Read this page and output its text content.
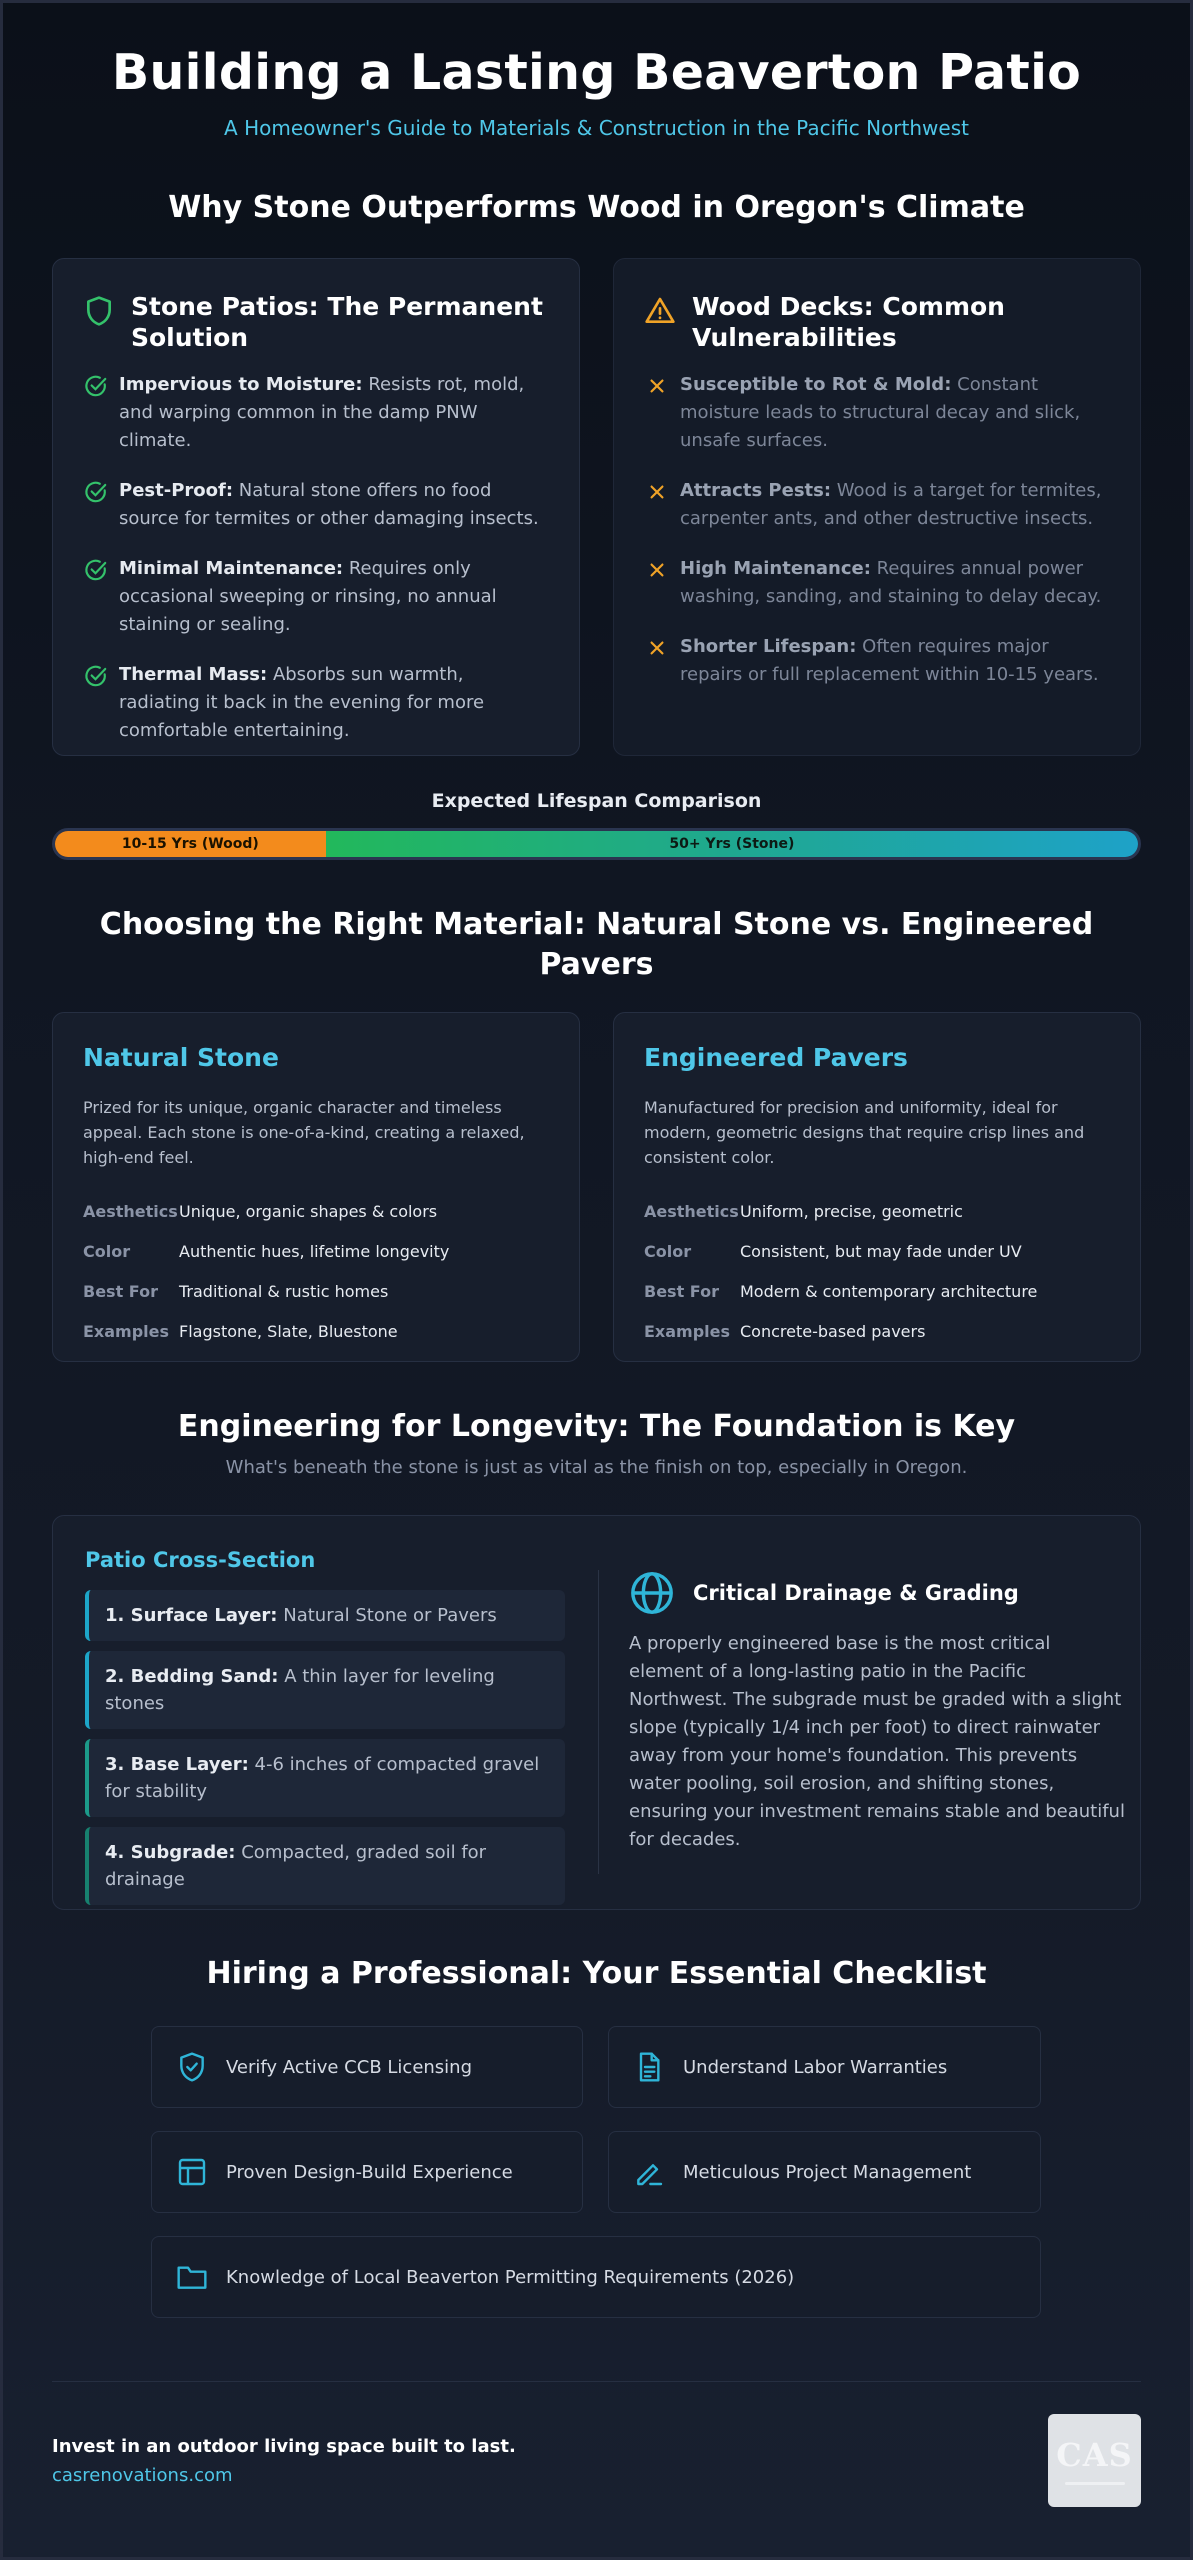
Building a Lasting Beaverton Patio
A Homeowner's Guide to Materials & Construction in the Pacific Northwest
Why Stone Outperforms Wood in Oregon's Climate
Stone Patios: The Permanent Solution

Impervious to Moisture: Resists rot, mold, and warping common in the damp PNW climate.

Pest-Proof: Natural stone offers no food source for termites or other damaging insects.

Minimal Maintenance: Requires only occasional sweeping or rinsing, no annual staining or sealing.

Thermal Mass: Absorbs sun warmth, radiating it back in the evening for more comfortable entertaining.

Wood Decks: Common Vulnerabilities

Susceptible to Rot & Mold: Constant moisture leads to structural decay and slick, unsafe surfaces.

Attracts Pests: Wood is a target for termites, carpenter ants, and other destructive insects.

High Maintenance: Requires annual power washing, sanding, and staining to delay decay.

Shorter Lifespan: Often requires major repairs or full replacement within 10-15 years.

Expected Lifespan Comparison
10-15 Yrs (Wood)	50+ Yrs (Stone)
Choosing the Right Material: Natural Stone vs. Engineered Pavers
Natural Stone

Prized for its unique, organic character and timeless appeal. Each stone is one-of-a-kind, creating a relaxed, high-end feel.

Aesthetics	Unique, organic shapes & colors
Color	Authentic hues, lifetime longevity
Best For	Traditional & rustic homes
Examples	Flagstone, Slate, Bluestone
Engineered Pavers

Manufactured for precision and uniformity, ideal for modern, geometric designs that require crisp lines and consistent color.

Aesthetics	Uniform, precise, geometric
Color	Consistent, but may fade under UV
Best For	Modern & contemporary architecture
Examples	Concrete-based pavers
Engineering for Longevity: The Foundation is Key
What's beneath the stone is just as vital as the finish on top, especially in Oregon.
Patio Cross-Section
1. Surface Layer: Natural Stone or Pavers
2. Bedding Sand: A thin layer for leveling stones
3. Base Layer: 4-6 inches of compacted gravel for stability
4. Subgrade: Compacted, graded soil for drainage
Critical Drainage & Grading

A properly engineered base is the most critical element of a long-lasting patio in the Pacific Northwest. The subgrade must be graded with a slight slope (typically 1/4 inch per foot) to direct rainwater away from your home's foundation. This prevents water pooling, soil erosion, and shifting stones, ensuring your investment remains stable and beautiful for decades.

Hiring a Professional: Your Essential Checklist
Verify Active CCB Licensing	Understand Labor Warranties
Proven Design-Build Experience	Meticulous Project Management
Knowledge of Local Beaverton Permitting Requirements (2026)
Invest in an outdoor living space built to last.
casrenovations.com
CAS
